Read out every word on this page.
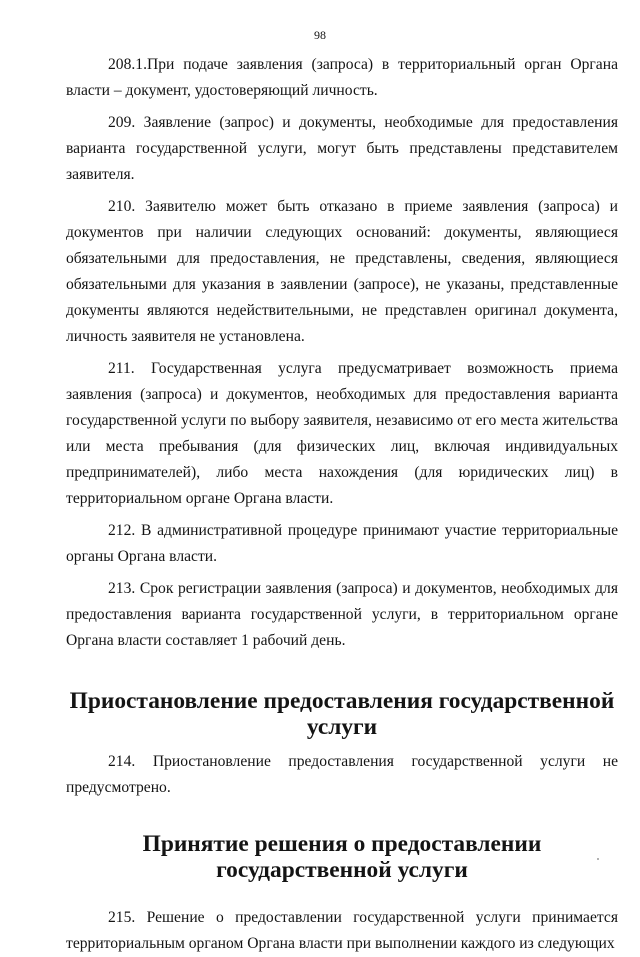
98

208.1.При подаче заявления (запроса) в территориальный орган Органа власти – документ, удостоверяющий личность.

209. Заявление (запрос) и документы, необходимые для предоставления варианта государственной услуги, могут быть представлены представителем заявителя.

210. Заявителю может быть отказано в приеме заявления (запроса) и документов при наличии следующих оснований: документы, являющиеся обязательными для предоставления, не представлены, сведения, являющиеся обязательными для указания в заявлении (запросе), не указаны, представленные документы являются недействительными, не представлен оригинал документа, личность заявителя не установлена.

211. Государственная услуга предусматривает возможность приема заявления (запроса) и документов, необходимых для предоставления варианта государственной услуги по выбору заявителя, независимо от его места жительства или места пребывания (для физических лиц, включая индивидуальных предпринимателей), либо места нахождения (для юридических лиц) в территориальном органе Органа власти.

212. В административной процедуре принимают участие территориальные органы Органа власти.

213. Срок регистрации заявления (запроса) и документов, необходимых для предоставления варианта государственной услуги, в территориальном органе Органа власти составляет 1 рабочий день.

Приостановление предоставления государственной услуги

214. Приостановление предоставления государственной услуги не предусмотрено.

Принятие решения о предоставлении государственной услуги

215. Решение о предоставлении государственной услуги принимается территориальным органом Органа власти при выполнении каждого из следующих
